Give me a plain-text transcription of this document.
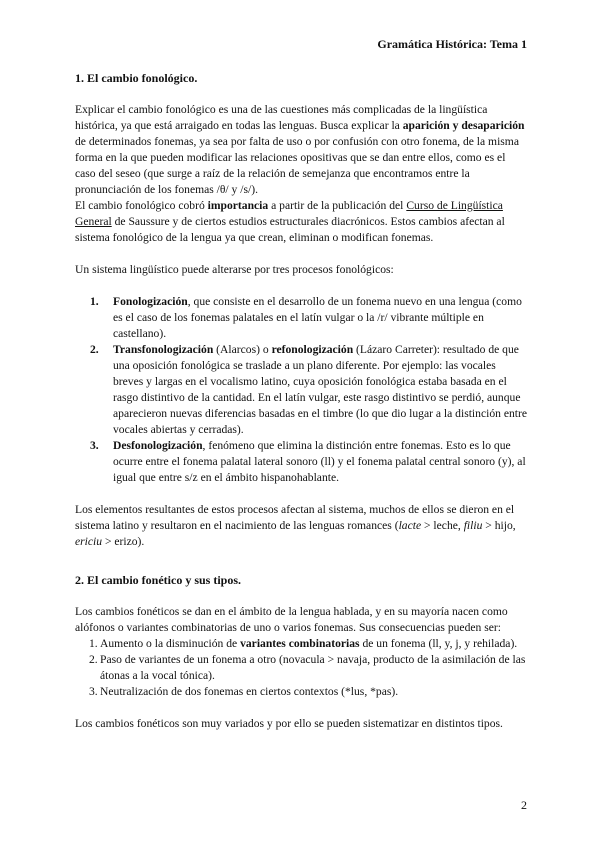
Gramática Histórica: Tema 1
1. El cambio fonológico.

Explicar el cambio fonológico es una de las cuestiones más complicadas de la lingüística histórica, ya que está arraigado en todas las lenguas. Busca explicar la aparición y desaparición de determinados fonemas, ya sea por falta de uso o por confusión con otro fonema, de la misma forma en la que pueden modificar las relaciones opositivas que se dan entre ellos, como es el caso del seseo (que surge a raíz de la relación de semejanza que encontramos entre la pronunciación de los fonemas /θ/ y /s/).

El cambio fonológico cobró importancia a partir de la publicación del Curso de Lingüística General de Saussure y de ciertos estudios estructurales diacrónicos. Estos cambios afectan al sistema fonológico de la lengua ya que crean, eliminan o modifican fonemas.

Un sistema lingüístico puede alterarse por tres procesos fonológicos:

1. Fonologización, que consiste en el desarrollo de un fonema nuevo en una lengua (como es el caso de los fonemas palatales en el latín vulgar o la /r/ vibrante múltiple en castellano).
2. Transfonologización (Alarcos) o refonologización (Lázaro Carreter): resultado de que una oposición fonológica se traslade a un plano diferente. Por ejemplo: las vocales breves y largas en el vocalismo latino, cuya oposición fonológica estaba basada en el rasgo distintivo de la cantidad. En el latín vulgar, este rasgo distintivo se perdió, aunque aparecieron nuevas diferencias basadas en el timbre (lo que dio lugar a la distinción entre vocales abiertas y cerradas).
3. Desfonologización, fenómeno que elimina la distinción entre fonemas. Esto es lo que ocurre entre el fonema palatal lateral sonoro (ll) y el fonema palatal central sonoro (y), al igual que entre s/z en el ámbito hispanohablante.

Los elementos resultantes de estos procesos afectan al sistema, muchos de ellos se dieron en el sistema latino y resultaron en el nacimiento de las lenguas romances (lacte > leche, filiu > hijo, ericiu > erizo).

2. El cambio fonético y sus tipos.

Los cambios fonéticos se dan en el ámbito de la lengua hablada, y en su mayoría nacen como alófonos o variantes combinatorias de uno o varios fonemas. Sus consecuencias pueden ser:

1. Aumento o la disminución de variantes combinatorias de un fonema (ll, y, j, y rehilada).
2. Paso de variantes de un fonema a otro (novacula > navaja, producto de la asimilación de las átonas a la vocal tónica).
3. Neutralización de dos fonemas en ciertos contextos (*lus, *pas).

Los cambios fonéticos son muy variados y por ello se pueden sistematizar en distintos tipos.

2
